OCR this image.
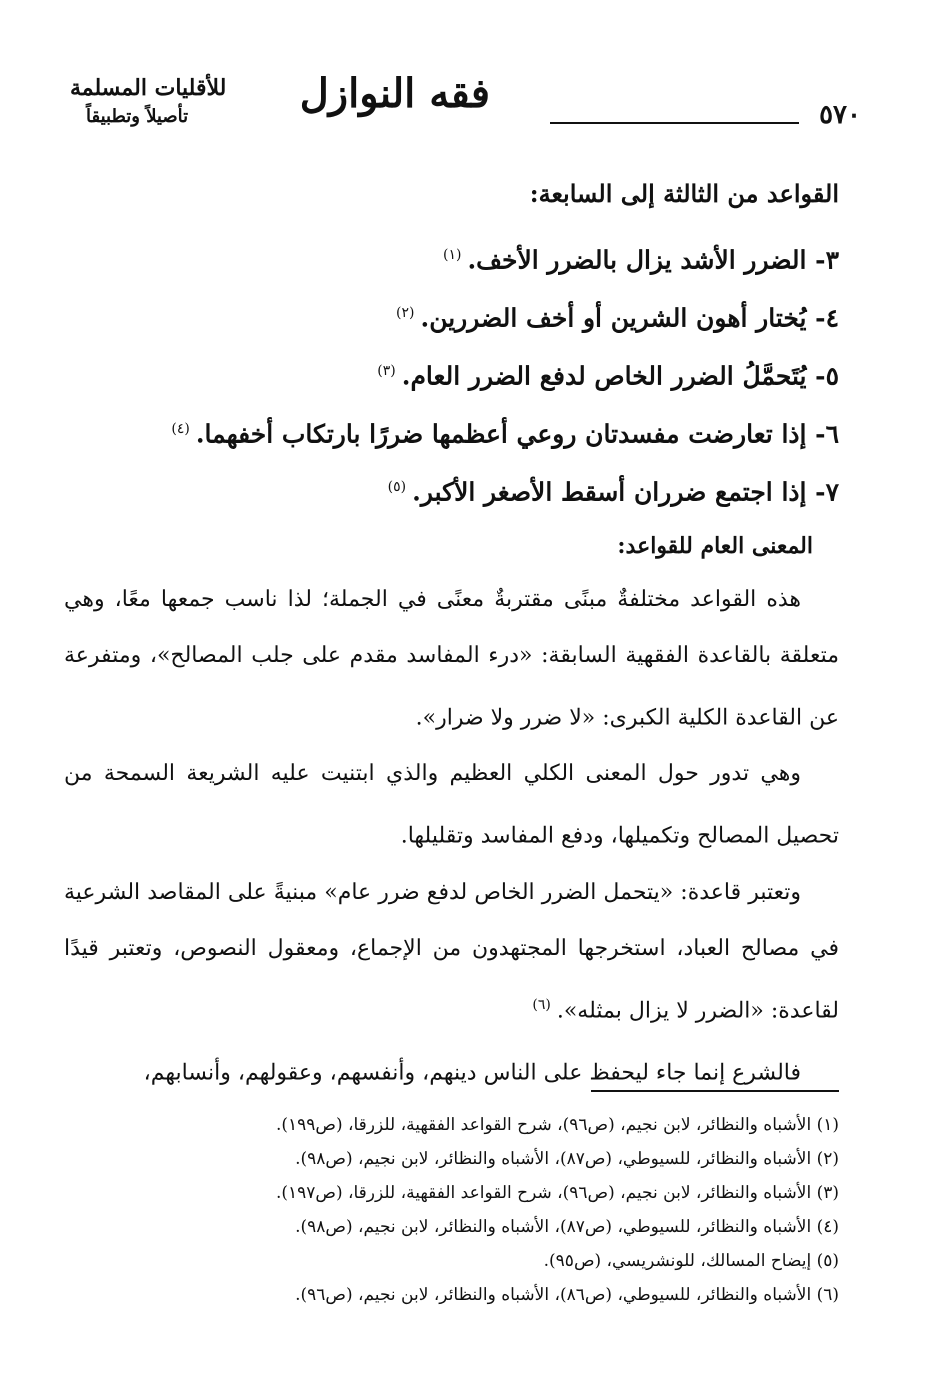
٥٧٠
فقه النوازل
للأقليات المسلمة
تأصيلاً وتطبيقاً
القواعد من الثالثة إلى السابعة:
٣- الضرر الأشد يزال بالضرر الأخف.$^{(١)}$
٤- يُختار أهون الشرين أو أخف الضررين.$^{(٢)}$
٥- يُتَحمَّلُ الضرر الخاص لدفع الضرر العام.$^{(٣)}$
٦- إذا تعارضت مفسدتان روعي أعظمها ضررًا بارتكاب أخفهما.$^{(٤)}$
٧- إذا اجتمع ضرران أسقط الأصغر الأكبر.$^{(٥)}$
المعنى العام للقواعد:

هذه القواعد مختلفةٌ مبنًى مقتربةٌ معنًى في الجملة؛ لذا ناسب جمعها معًا، وهي متعلقة بالقاعدة الفقهية السابقة: «درء المفاسد مقدم على جلب المصالح»، ومتفرعة عن القاعدة الكلية الكبرى: «لا ضرر ولا ضرار».

وهي تدور حول المعنى الكلي العظيم والذي ابتنيت عليه الشريعة السمحة من تحصيل المصالح وتكميلها، ودفع المفاسد وتقليلها.

وتعتبر قاعدة: «يتحمل الضرر الخاص لدفع ضرر عام» مبنيةً على المقاصد الشرعية في مصالح العباد، استخرجها المجتهدون من الإجماع، ومعقول النصوص، وتعتبر قيدًا لقاعدة: «الضرر لا يزال بمثله».$^{(٦)}$

فالشرع إنما جاء ليحفظ على الناس دينهم، وأنفسهم، وعقولهم، وأنسابهم،

(١) الأشباه والنظائر، لابن نجيم، (ص٩٦)، شرح القواعد الفقهية، للزرقا، (ص١٩٩).
(٢) الأشباه والنظائر، للسيوطي، (ص٨٧)، الأشباه والنظائر، لابن نجيم، (ص٩٨).
(٣) الأشباه والنظائر، لابن نجيم، (ص٩٦)، شرح القواعد الفقهية، للزرقا، (ص١٩٧).
(٤) الأشباه والنظائر، للسيوطي، (ص٨٧)، الأشباه والنظائر، لابن نجيم، (ص٩٨).
(٥) إيضاح المسالك، للونشريسي، (ص٩٥).
(٦) الأشباه والنظائر، للسيوطي، (ص٨٦)، الأشباه والنظائر، لابن نجيم، (ص٩٦).
